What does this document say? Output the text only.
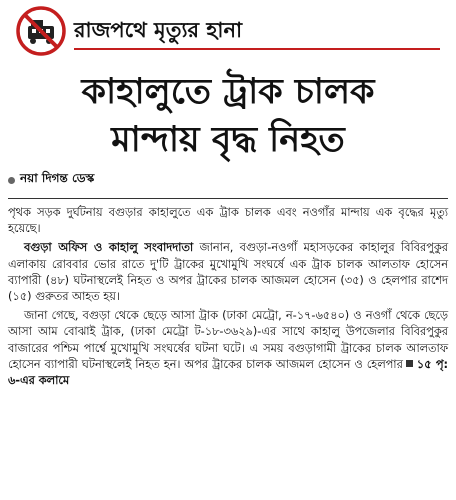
রাজপথে মৃত্যুর হানা
কাহালুতে ট্রাক চালক
মান্দায় বৃদ্ধ নিহত
নয়া দিগন্ত ডেস্ক

পৃথক সড়ক দুর্ঘটনায় বগুড়ার কাহালুতে এক ট্রাক চালক এবং নওগাঁর মান্দায় এক বৃদ্ধের মৃত্যু হয়েছে।

বগুড়া অফিস ও কাহালু সংবাদদাতা জানান, বগুড়া-নওগাঁ মহাসড়কের কাহালুর বিবিরপুকুর এলাকায় রোববার ভোর রাতে দু'টি ট্রাকের মুখোমুখি সংঘর্ষে এক ট্রাক চালক আলতাফ হোসেন ব্যাপারী (৪৮) ঘটনাস্থলেই নিহত ও অপর ট্রাকের চালক আজমল হোসেন (৩৫) ও হেলপার রাশেদ (১৫) গুরুতর আহত হয়।

জানা গেছে, বগুড়া থেকে ছেড়ে আসা ট্রাক (ঢাকা মেট্রো, ন-১৭-৬৫৪০) ও নওগাঁ থেকে ছেড়ে আসা আম বোঝাই ট্রাক, (ঢাকা মেট্রো ট-১৮-৩৬২৯)-এর সাথে কাহালু উপজেলার বিবিরপুকুর বাজারের পশ্চিম পার্শ্বে মুখোমুখি সংঘর্ষের ঘটনা ঘটে। এ সময় বগুড়াগামী ট্রাকের চালক আলতাফ হোসেন ব্যাপারী ঘটনাস্থলেই নিহত হন। অপর ট্রাকের চালক আজমল হোসেন ও হেলপার ১৫ পৃ: ৬-এর কলামে
